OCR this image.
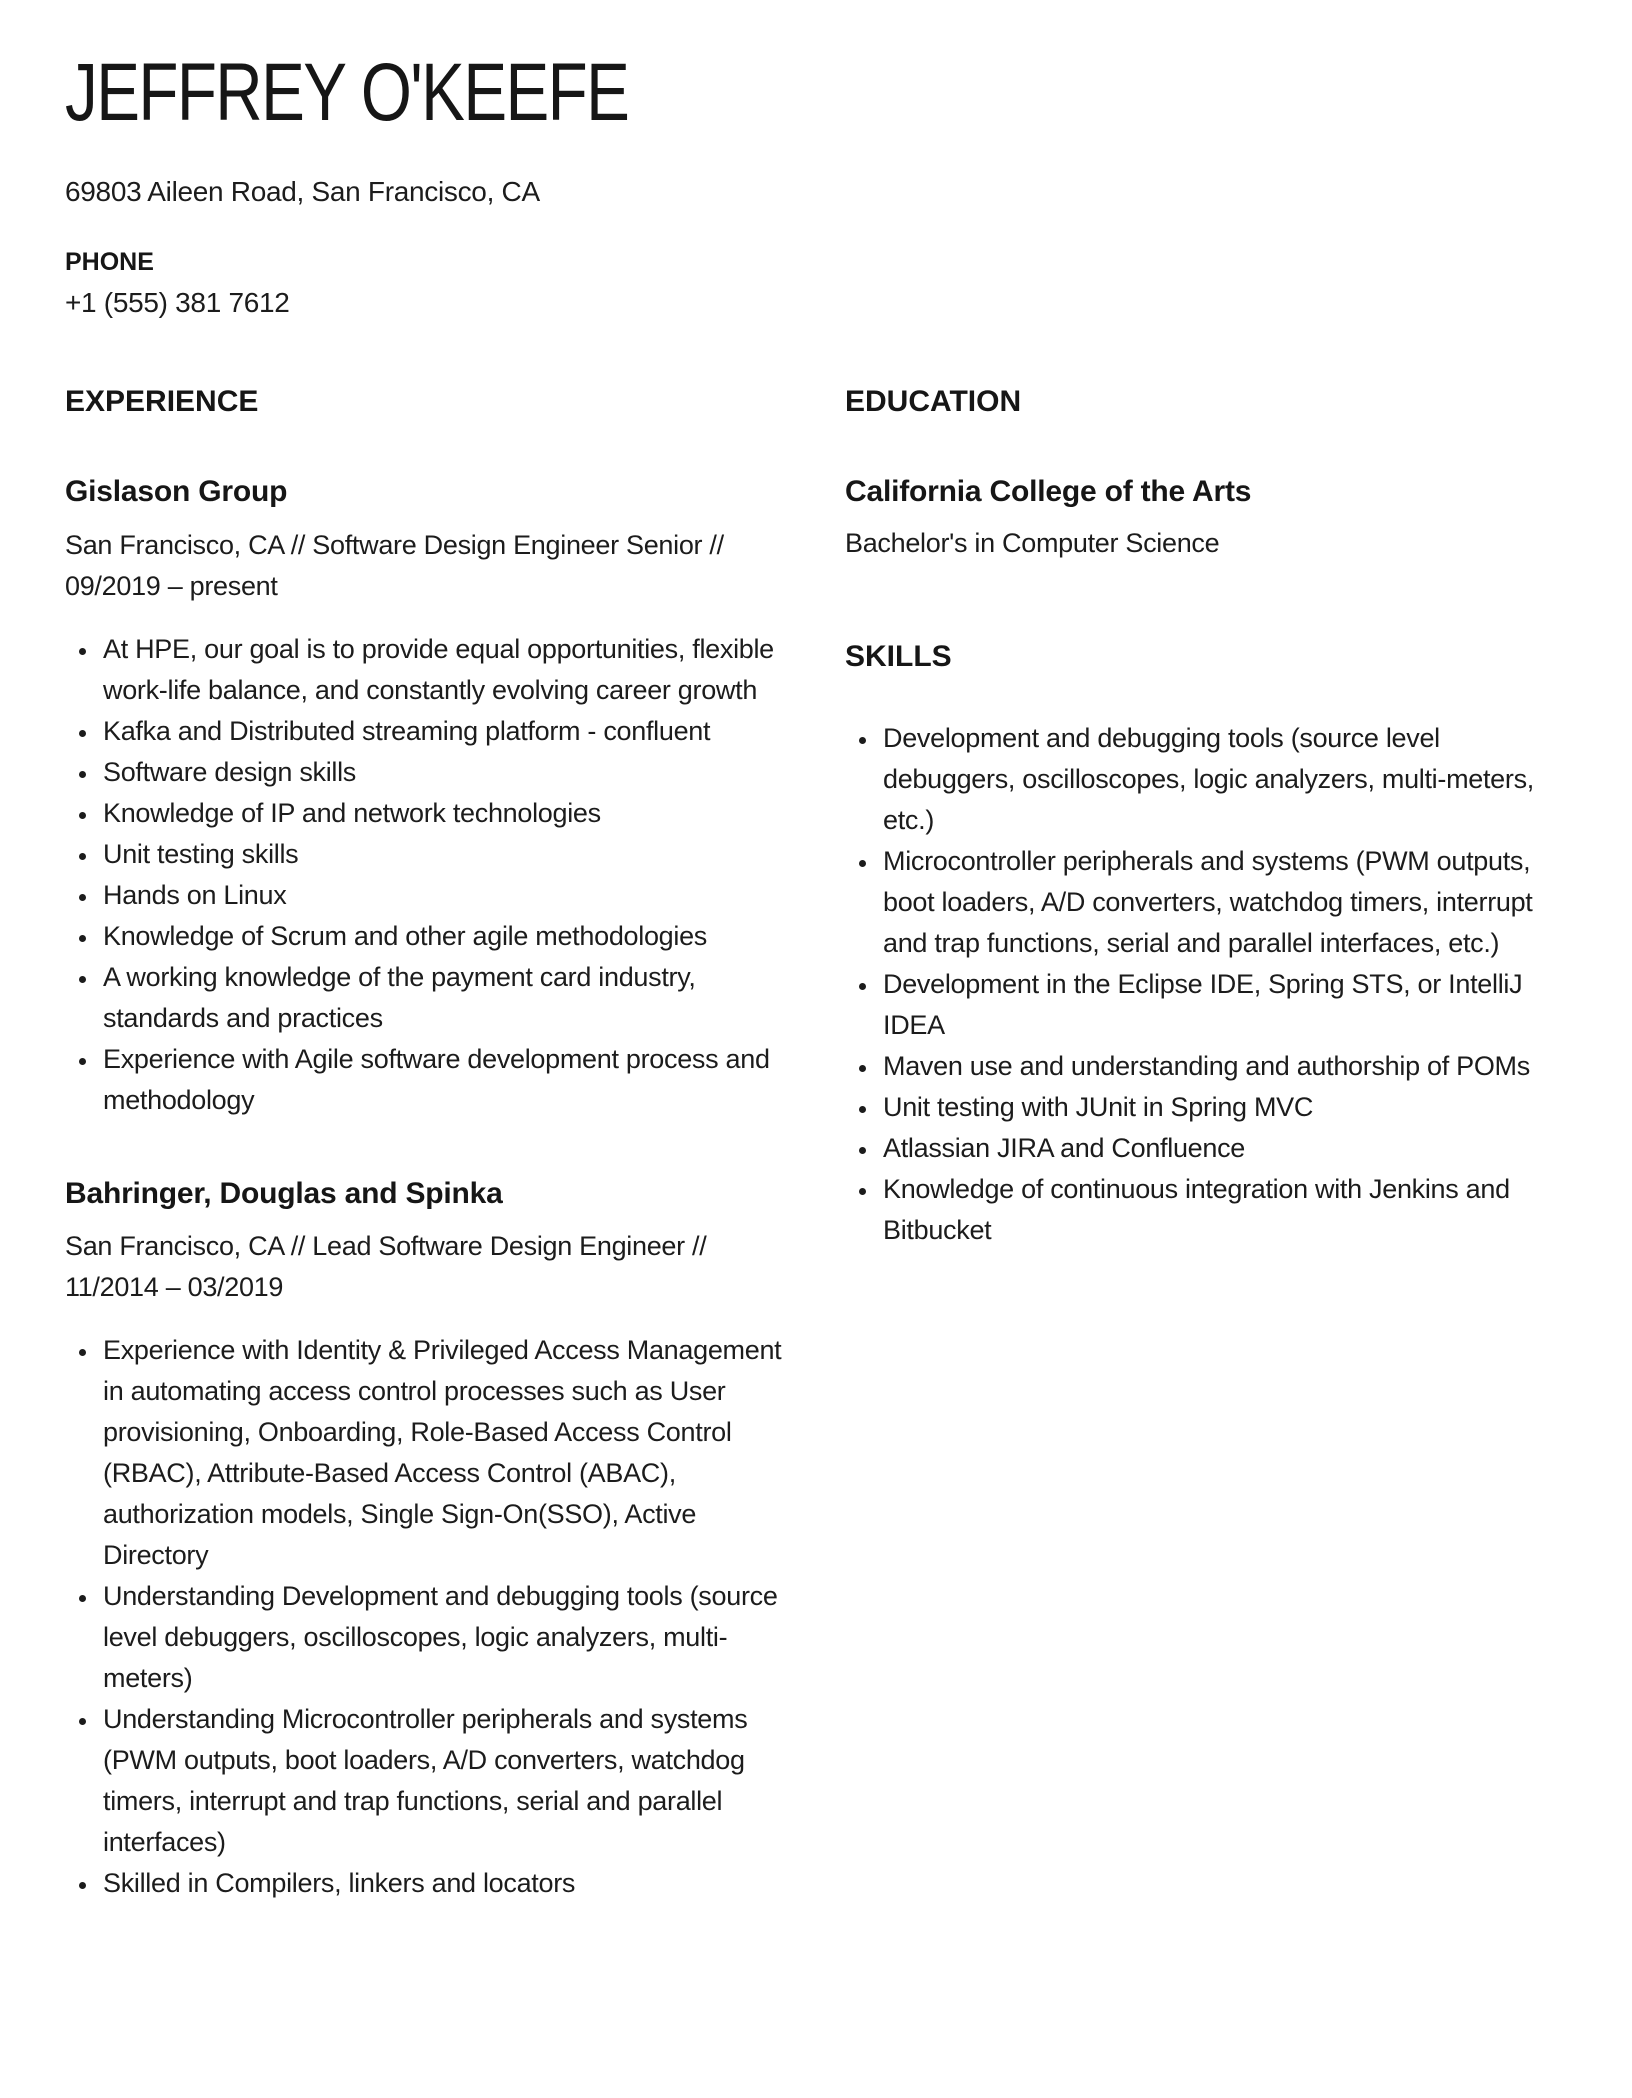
JEFFREY O'KEEFE

69803 Aileen Road, San Francisco, CA

PHONE

+1 (555) 381 7612

EXPERIENCE
Gislason Group

San Francisco, CA // Software Design Engineer Senior // 09/2019 – present

• At HPE, our goal is to provide equal opportunities, flexible work-life balance, and constantly evolving career growth
• Kafka and Distributed streaming platform - confluent
• Software design skills
• Knowledge of IP and network technologies
• Unit testing skills
• Hands on Linux
• Knowledge of Scrum and other agile methodologies
• A working knowledge of the payment card industry, standards and practices
• Experience with Agile software development process and methodology
Bahringer, Douglas and Spinka

San Francisco, CA // Lead Software Design Engineer // 11/2014 – 03/2019

• Experience with Identity & Privileged Access Management in automating access control processes such as User provisioning, Onboarding, Role-Based Access Control (RBAC), Attribute-Based Access Control (ABAC), authorization models, Single Sign-On(SSO), Active Directory
• Understanding Development and debugging tools (source level debuggers, oscilloscopes, logic analyzers, multi-meters)
• Understanding Microcontroller peripherals and systems (PWM outputs, boot loaders, A/D converters, watchdog timers, interrupt and trap functions, serial and parallel interfaces)
• Skilled in Compilers, linkers and locators
EDUCATION
California College of the Arts

Bachelor's in Computer Science

SKILLS
• Development and debugging tools (source level debuggers, oscilloscopes, logic analyzers, multi-meters, etc.)
• Microcontroller peripherals and systems (PWM outputs, boot loaders, A/D converters, watchdog timers, interrupt and trap functions, serial and parallel interfaces, etc.)
• Development in the Eclipse IDE, Spring STS, or IntelliJ IDEA
• Maven use and understanding and authorship of POMs
• Unit testing with JUnit in Spring MVC
• Atlassian JIRA and Confluence
• Knowledge of continuous integration with Jenkins and Bitbucket
